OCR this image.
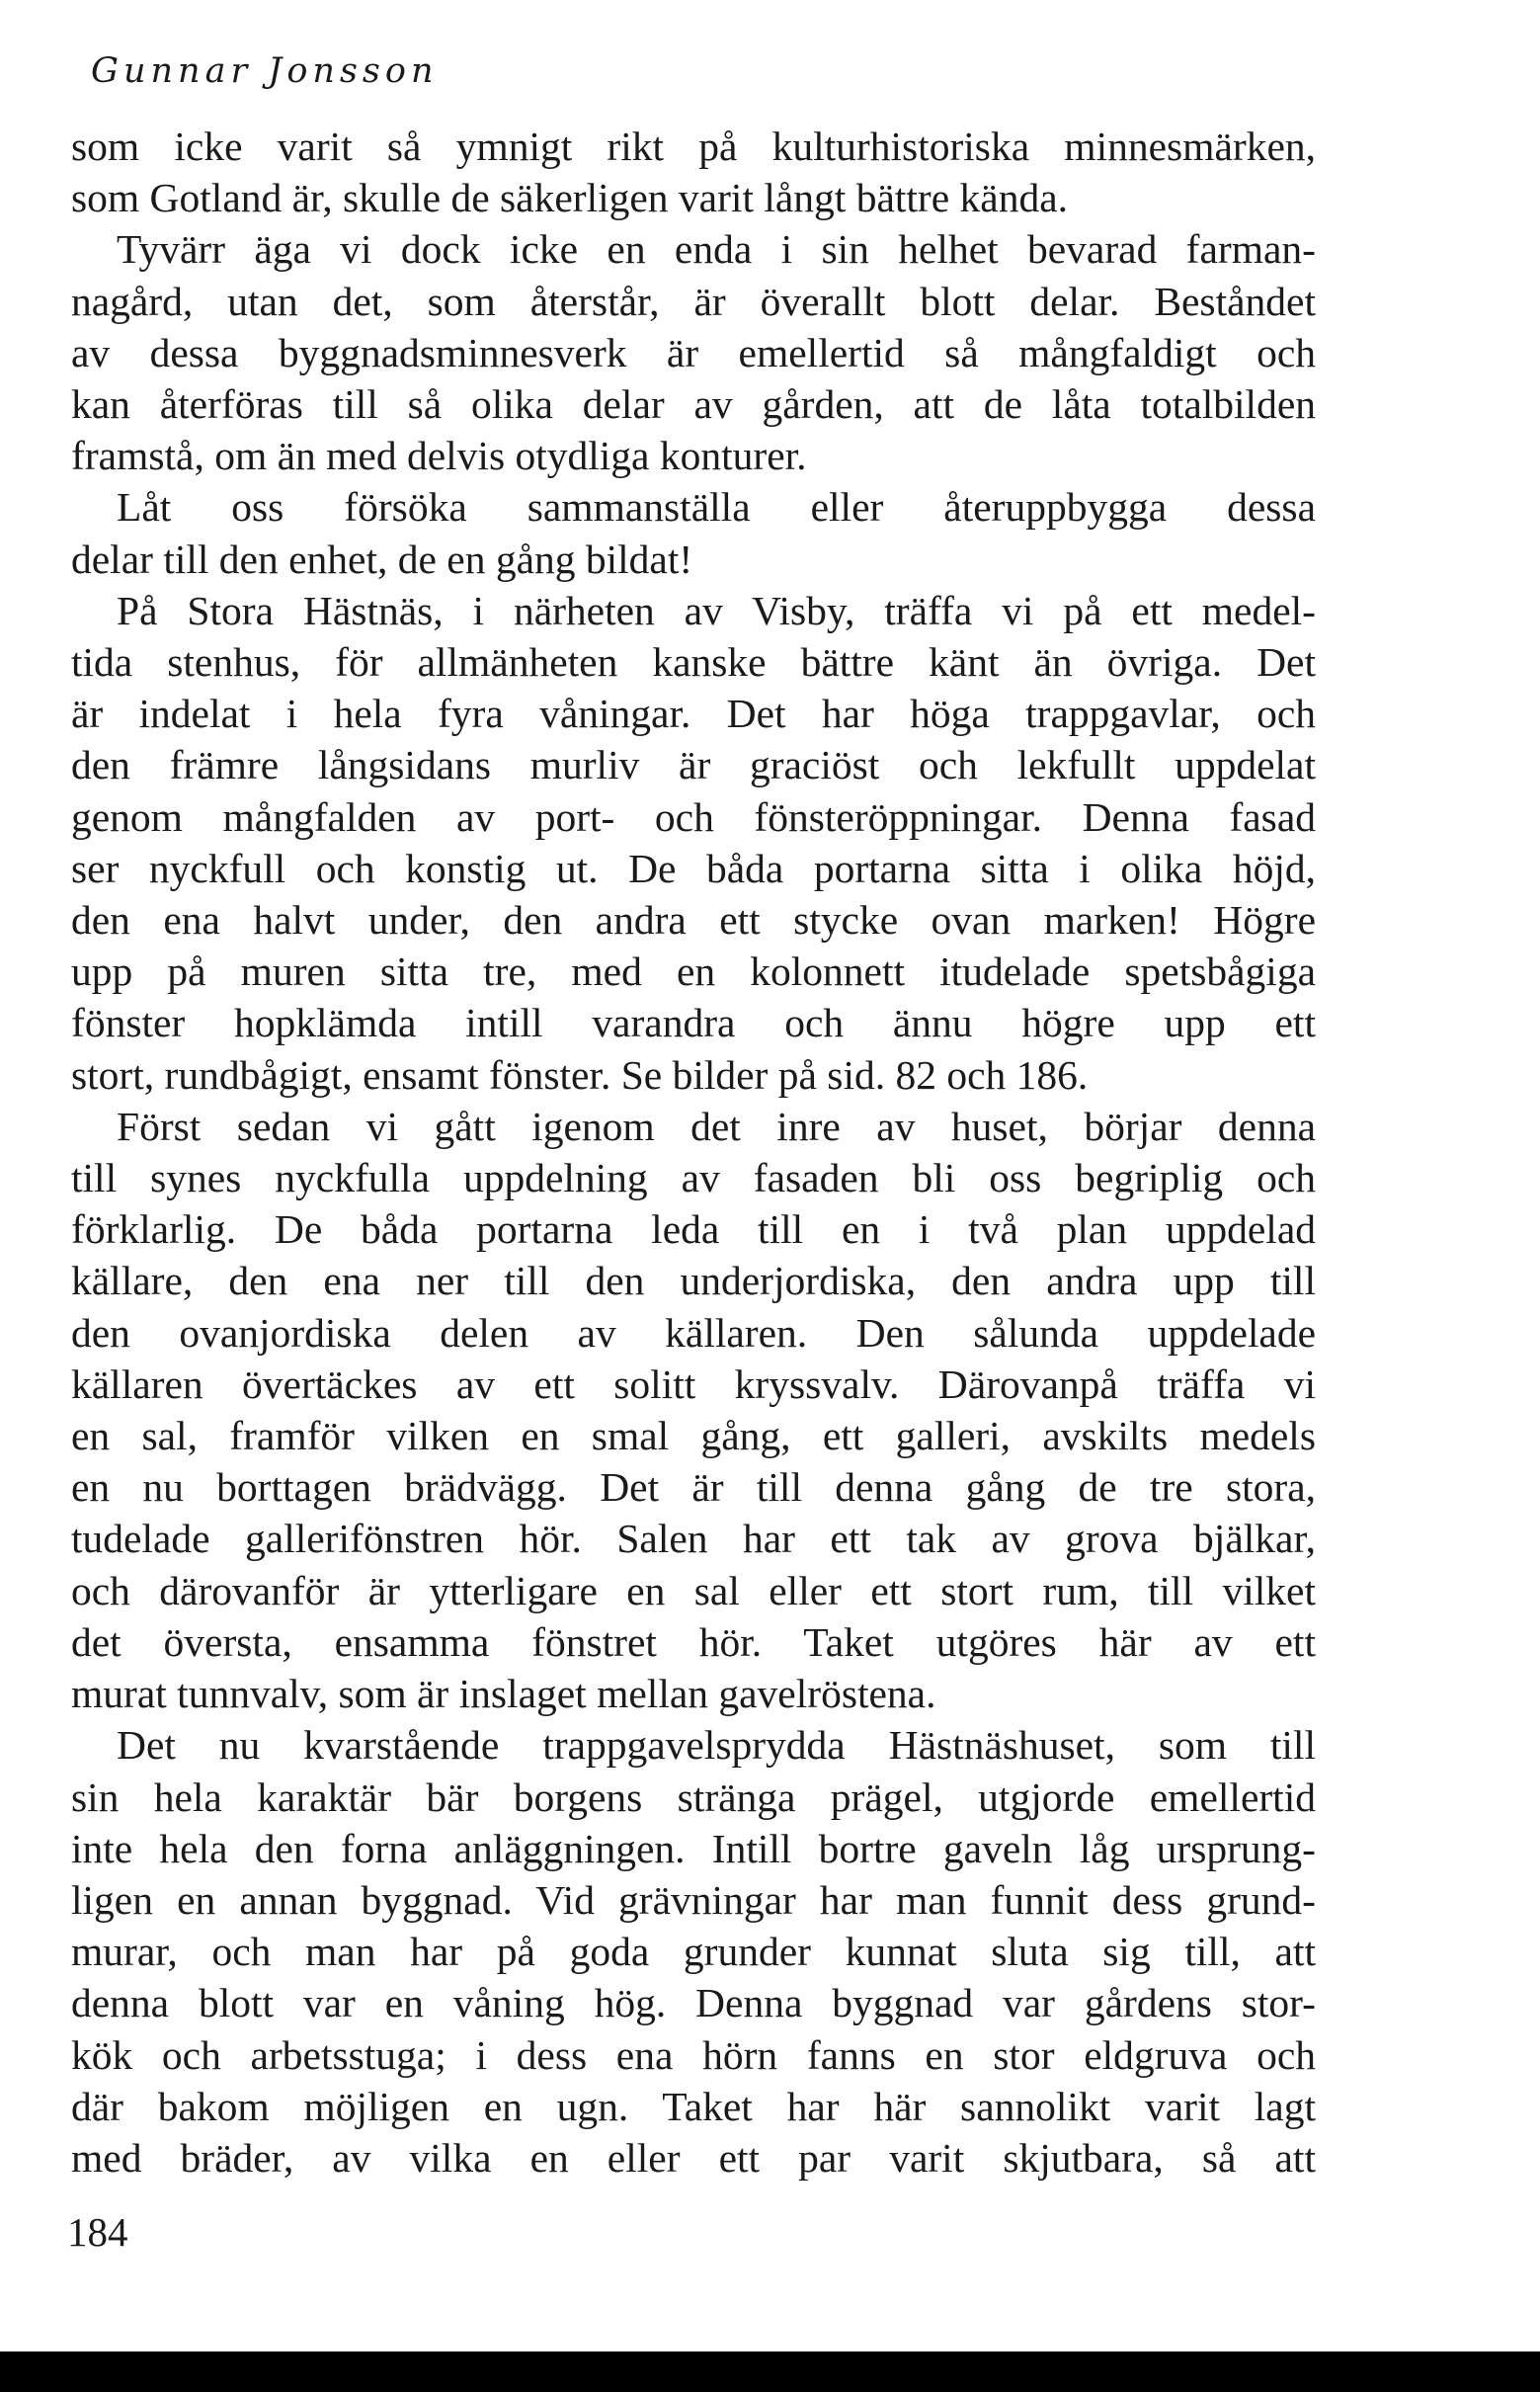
Gunnar Jonsson

som icke varit så ymnigt rikt på kulturhistoriska minnesmärken,
som Gotland är, skulle de säkerligen varit långt bättre kända.

Tyvärr äga vi dock icke en enda i sin helhet bevarad farman-
nagård, utan det, som återstår, är överallt blott delar. Beståndet
av dessa byggnadsminnesverk är emellertid så mångfaldigt och
kan återföras till så olika delar av gården, att de låta totalbilden
framstå, om än med delvis otydliga konturer.

Låt oss försöka sammanställa eller återuppbygga dessa
delar till den enhet, de en gång bildat!

På Stora Hästnäs, i närheten av Visby, träffa vi på ett medel-
tida stenhus, för allmänheten kanske bättre känt än övriga. Det
är indelat i hela fyra våningar. Det har höga trappgavlar, och
den främre långsidans murliv är graciöst och lekfullt uppdelat
genom mångfalden av port- och fönsteröppningar. Denna fasad
ser nyckfull och konstig ut. De båda portarna sitta i olika höjd,
den ena halvt under, den andra ett stycke ovan marken! Högre
upp på muren sitta tre, med en kolonnett itudelade spetsbågiga
fönster hopklämda intill varandra och ännu högre upp ett
stort, rundbågigt, ensamt fönster. Se bilder på sid. 82 och 186.

Först sedan vi gått igenom det inre av huset, börjar denna
till synes nyckfulla uppdelning av fasaden bli oss begriplig och
förklarlig. De båda portarna leda till en i två plan uppdelad
källare, den ena ner till den underjordiska, den andra upp till
den ovanjordiska delen av källaren. Den sålunda uppdelade
källaren övertäckes av ett solitt kryssvalv. Därovanpå träffa vi
en sal, framför vilken en smal gång, ett galleri, avskilts medels
en nu borttagen brädvägg. Det är till denna gång de tre stora,
tudelade gallerifönstren hör. Salen har ett tak av grova bjälkar,
och därovanför är ytterligare en sal eller ett stort rum, till vilket
det översta, ensamma fönstret hör. Taket utgöres här av ett
murat tunnvalv, som är inslaget mellan gavelröstena.

Det nu kvarstående trappgavelsprydda Hästnäshuset, som till
sin hela karaktär bär borgens stränga prägel, utgjorde emellertid
inte hela den forna anläggningen. Intill bortre gaveln låg ursprung-
ligen en annan byggnad. Vid grävningar har man funnit dess grund-
murar, och man har på goda grunder kunnat sluta sig till, att
denna blott var en våning hög. Denna byggnad var gårdens stor-
kök och arbetsstuga; i dess ena hörn fanns en stor eldgruva och
där bakom möjligen en ugn. Taket har här sannolikt varit lagt
med bräder, av vilka en eller ett par varit skjutbara, så att

184
